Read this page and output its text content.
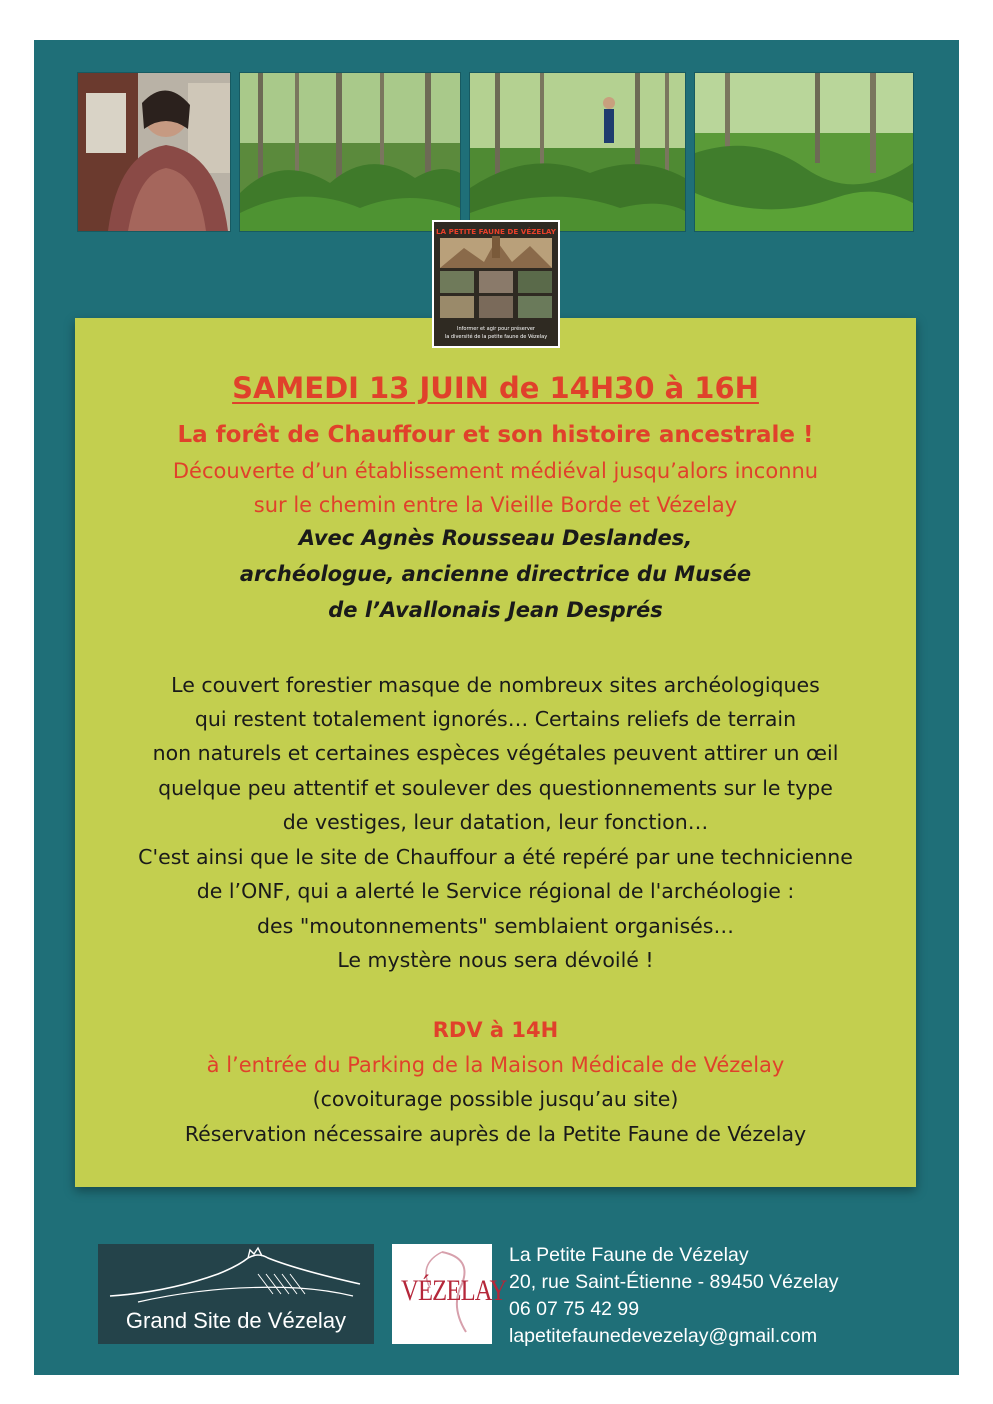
LA PETITE FAUNE DE VÉZELAY
Informer et agir pour préserver
la diversité de la petite faune de Vézelay
SAMEDI 13 JUIN de 14H30 à 16H
La forêt de Chauffour et son histoire ancestrale !
Découverte d’un établissement médiéval jusqu’alors inconnu
sur le chemin entre la Vieille Borde et Vézelay
Avec Agnès Rousseau Deslandes,
archéologue, ancienne directrice du Musée
de l’Avallonais Jean Després
Le couvert forestier masque de nombreux sites archéologiques
qui restent totalement ignorés… Certains reliefs de terrain
non naturels et certaines espèces végétales peuvent attirer un œil
quelque peu attentif et soulever des questionnements sur le type
de vestiges, leur datation, leur fonction…
C'est ainsi que le site de Chauffour a été repéré par une technicienne
de l’ONF, qui a alerté le Service régional de l'archéologie :
des "moutonnements" semblaient organisés…
Le mystère nous sera dévoilé !
RDV à 14H
à l’entrée du Parking de la Maison Médicale de Vézelay
(covoiturage possible jusqu’au site)
Réservation nécessaire auprès de la Petite Faune de Vézelay
Grand Site de Vézelay
VÉZELAY
La Petite Faune de Vézelay
20, rue Saint-Étienne - 89450 Vézelay
06 07 75 42 99
lapetitefaunedevezelay@gmail.com
